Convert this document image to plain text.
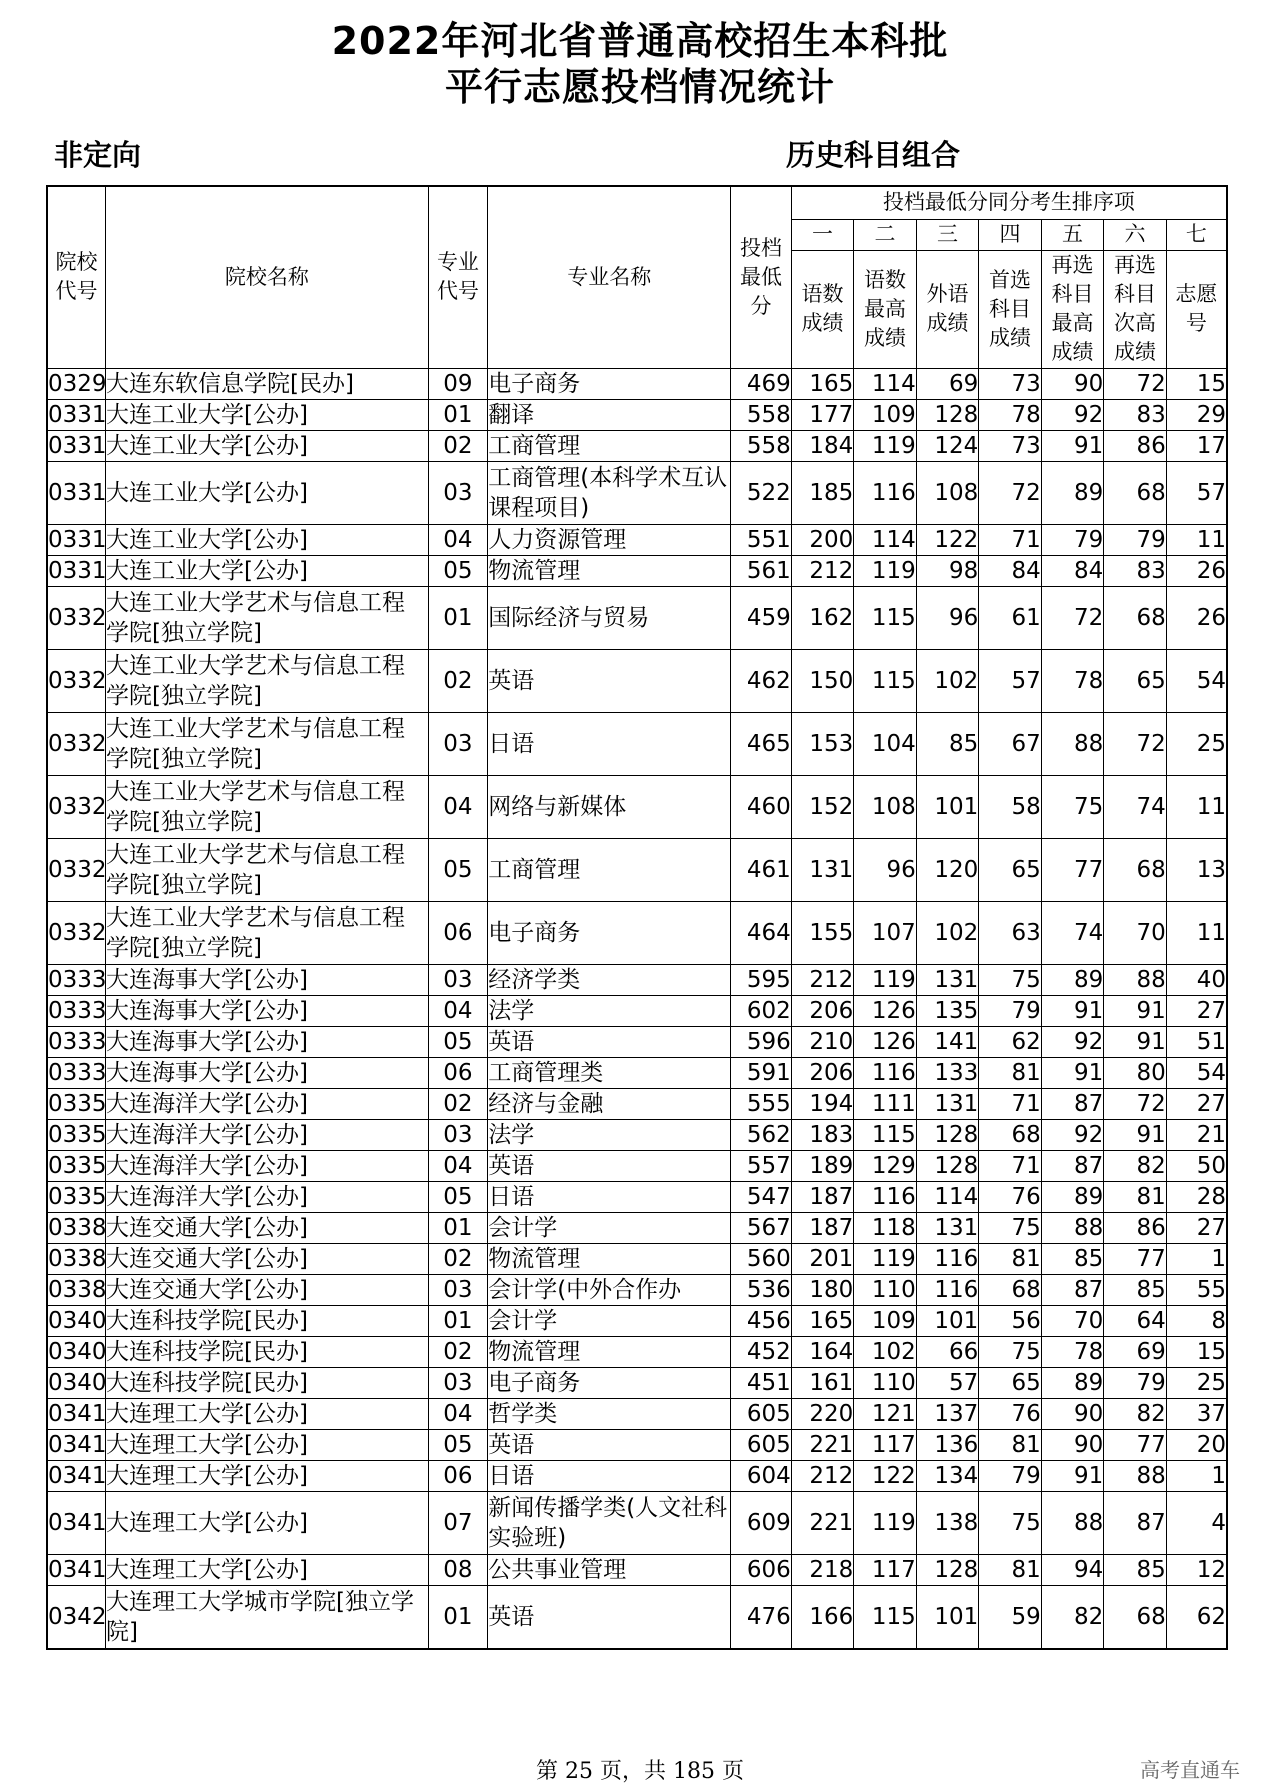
2022年河北省普通高校招生本科批
平行志愿投档情况统计
非定向	历史科目组合
院校代号	院校名称	专业代号	专业名称	投档最低分	投档最低分同分考生排序项						
					一	二	三	四	五	六	七
					语数成绩	语数最高成绩	外语成绩	首选科目成绩	再选科目最高成绩	再选科目次高成绩	志愿号
0329	大连东软信息学院[民办]	09	电子商务	469	165	114	69	73	90	72	15
0331	大连工业大学[公办]	01	翻译	558	177	109	128	78	92	83	29
0331	大连工业大学[公办]	02	工商管理	558	184	119	124	73	91	86	17
0331	大连工业大学[公办]	03	工商管理(本科学术互认课程项目)	522	185	116	108	72	89	68	57
0331	大连工业大学[公办]	04	人力资源管理	551	200	114	122	71	79	79	11
0331	大连工业大学[公办]	05	物流管理	561	212	119	98	84	84	83	26
0332	大连工业大学艺术与信息工程学院[独立学院]	01	国际经济与贸易	459	162	115	96	61	72	68	26
0332	大连工业大学艺术与信息工程学院[独立学院]	02	英语	462	150	115	102	57	78	65	54
0332	大连工业大学艺术与信息工程学院[独立学院]	03	日语	465	153	104	85	67	88	72	25
0332	大连工业大学艺术与信息工程学院[独立学院]	04	网络与新媒体	460	152	108	101	58	75	74	11
0332	大连工业大学艺术与信息工程学院[独立学院]	05	工商管理	461	131	96	120	65	77	68	13
0332	大连工业大学艺术与信息工程学院[独立学院]	06	电子商务	464	155	107	102	63	74	70	11
0333	大连海事大学[公办]	03	经济学类	595	212	119	131	75	89	88	40
0333	大连海事大学[公办]	04	法学	602	206	126	135	79	91	91	27
0333	大连海事大学[公办]	05	英语	596	210	126	141	62	92	91	51
0333	大连海事大学[公办]	06	工商管理类	591	206	116	133	81	91	80	54
0335	大连海洋大学[公办]	02	经济与金融	555	194	111	131	71	87	72	27
0335	大连海洋大学[公办]	03	法学	562	183	115	128	68	92	91	21
0335	大连海洋大学[公办]	04	英语	557	189	129	128	71	87	82	50
0335	大连海洋大学[公办]	05	日语	547	187	116	114	76	89	81	28
0338	大连交通大学[公办]	01	会计学	567	187	118	131	75	88	86	27
0338	大连交通大学[公办]	02	物流管理	560	201	119	116	81	85	77	1
0338	大连交通大学[公办]	03	会计学(中外合作办	536	180	110	116	68	87	85	55
0340	大连科技学院[民办]	01	会计学	456	165	109	101	56	70	64	8
0340	大连科技学院[民办]	02	物流管理	452	164	102	66	75	78	69	15
0340	大连科技学院[民办]	03	电子商务	451	161	110	57	65	89	79	25
0341	大连理工大学[公办]	04	哲学类	605	220	121	137	76	90	82	37
0341	大连理工大学[公办]	05	英语	605	221	117	136	81	90	77	20
0341	大连理工大学[公办]	06	日语	604	212	122	134	79	91	88	1
0341	大连理工大学[公办]	07	新闻传播学类(人文社科实验班)	609	221	119	138	75	88	87	4
0341	大连理工大学[公办]	08	公共事业管理	606	218	117	128	81	94	85	12
0342	大连理工大学城市学院[独立学院]	01	英语	476	166	115	101	59	82	68	62
第 25 页，共 185 页	高考直通车
